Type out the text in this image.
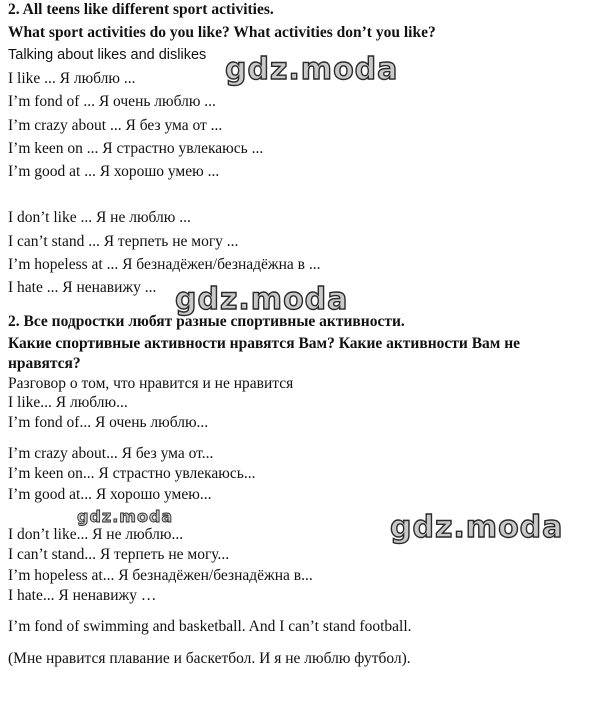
2. All teens like different sport activities.
What sport activities do you like? What activities don’t you like?
Talking about likes and dislikes
I like ... Я люблю ...
I’m fond of ... Я очень люблю ...
I’m crazy about ... Я без ума от ...
I’m keen on ... Я страстно увлекаюсь ...
I’m good at ... Я хорошо умею ...
I don’t like ... Я не люблю ...
I can’t stand ... Я терпеть не могу ...
I’m hopeless at ... Я безнадёжен/безнадёжна в ...
I hate ... Я ненавижу ...
2. Все подростки любят разные спортивные активности.
Какие спортивные активности нравятся Вам? Какие активности Вам не
нравятся?
Разговор о том, что нравится и не нравится
I like... Я люблю...
I’m fond of... Я очень люблю...
I’m crazy about... Я без ума от...
I’m keen on... Я страстно увлекаюсь...
I’m good at... Я хорошо умею...
I don’t like... Я не люблю...
I can’t stand... Я терпеть не могу...
I’m hopeless at... Я безнадёжен/безнадёжна в...
I hate... Я ненавижу …
I’m fond of swimming and basketball. And I can’t stand football.
(Мне нравится плавание и баскетбол. И я не люблю футбол).
gdz.moda
gdz.moda
gdz.moda	gdz.moda
